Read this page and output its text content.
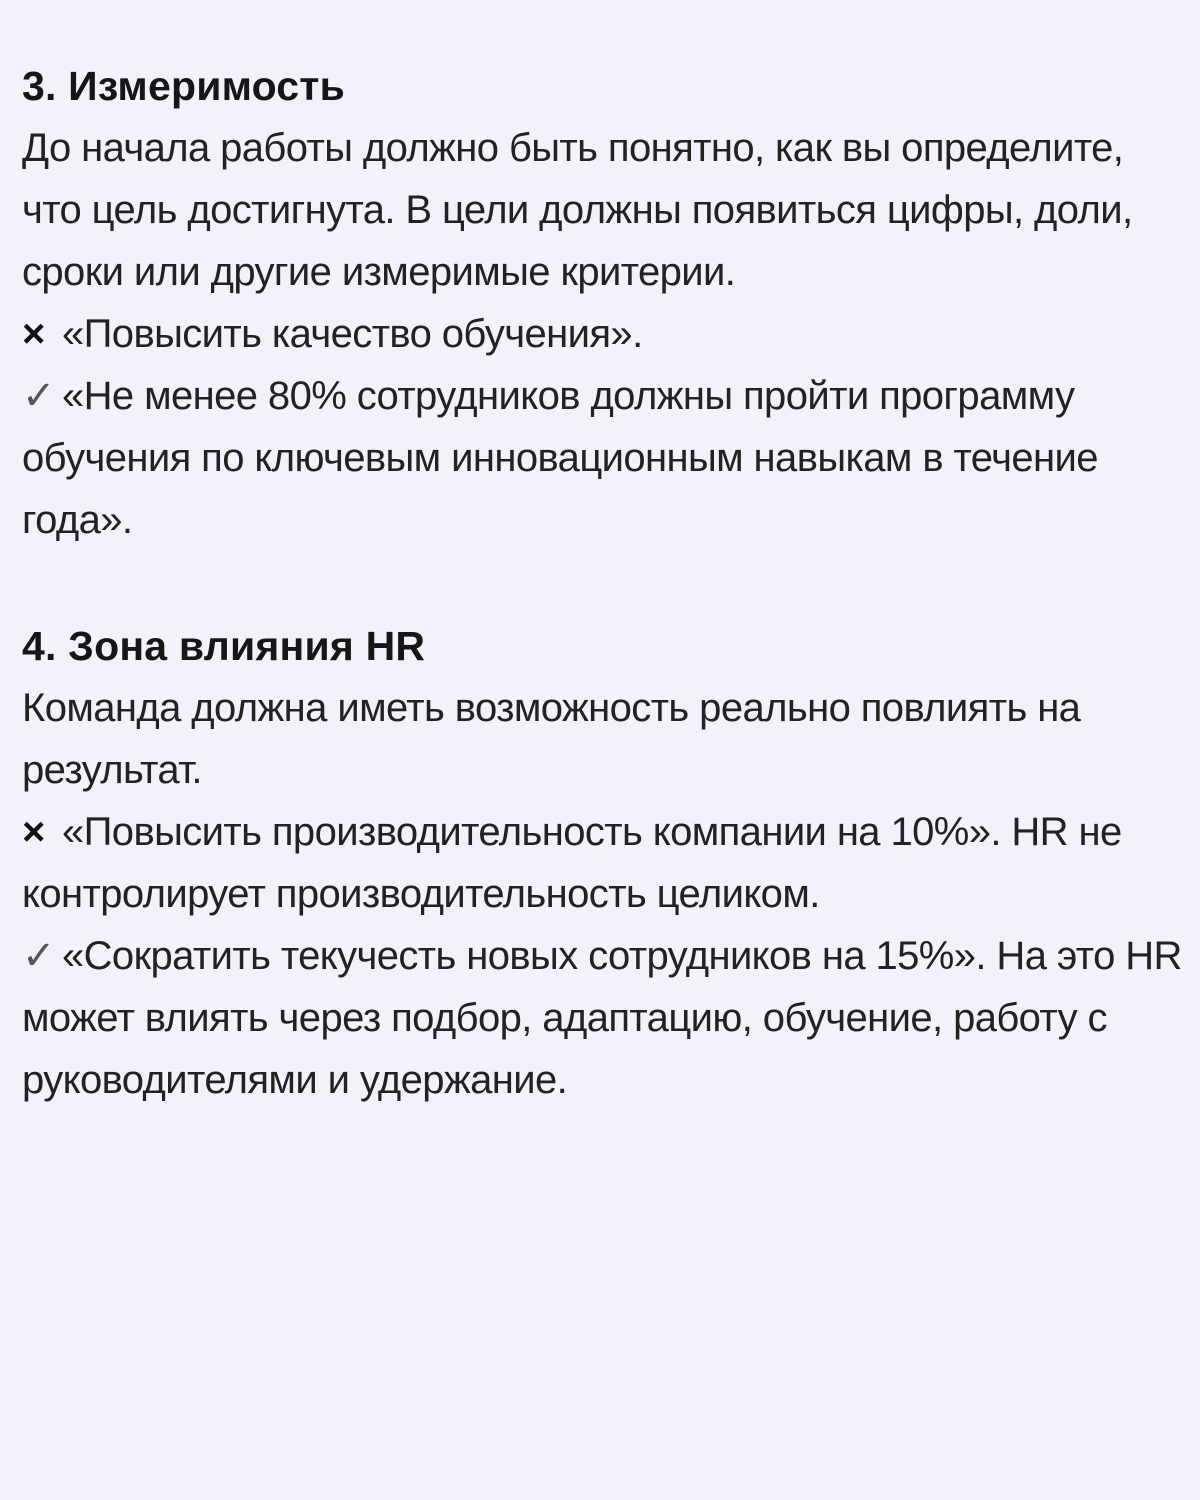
3. Измеримость
До начала работы должно быть понятно, как вы определите, что цель достигнута. В цели должны появиться цифры, доли, сроки или другие измеримые критерии.
× «Повысить качество обучения».
✓ «Не менее 80% сотрудников должны пройти программу обучения по ключевым инновационным навыкам в течение года».
4. Зона влияния HR
Команда должна иметь возможность реально повлиять на результат.
× «Повысить производительность компании на 10%». HR не контролирует производительность целиком.
✓ «Сократить текучесть новых сотрудников на 15%». На это HR может влиять через подбор, адаптацию, обучение, работу с руководителями и удержание.
